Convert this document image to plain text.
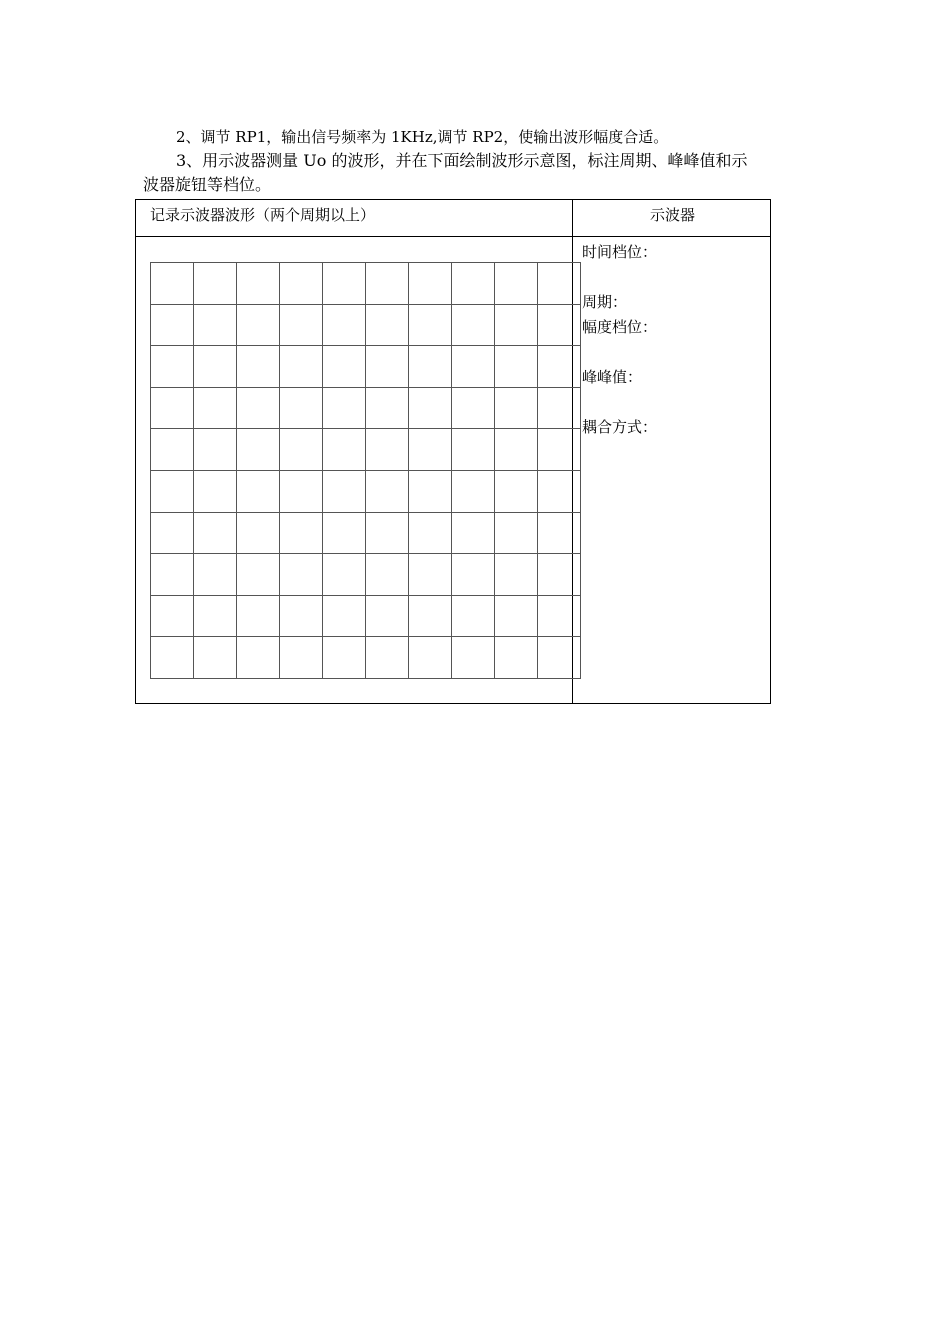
2、调节 RP1，输出信号频率为 1KHz,调节 RP2，使输出波形幅度合适。
3、用示波器测量 Uo 的波形，并在下面绘制波形示意图，标注周期、峰峰值和示
波器旋钮等档位。
记录示波器波形（两个周期以上）	示波器
时间档位：
周期：
幅度档位：
峰峰值：
耦合方式：
